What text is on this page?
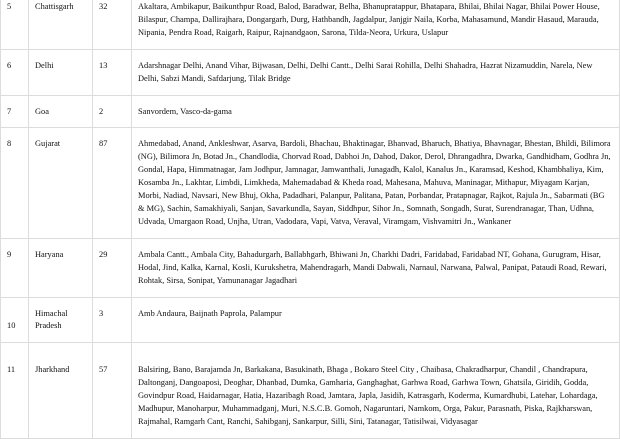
5	Chattisgarh	32	Akaltara, Ambikapur, Baikunthpur Road, Balod, Baradwar, Belha, Bhanupratappur, Bhatapara, Bhilai, Bhilai Nagar, Bhilai Power House, Bilaspur, Champa, Dallirajhara, Dongargarh, Durg, Hathbandh, Jagdalpur, Janjgir Naila, Korba, Mahasamund, Mandir Hasaud, Marauda, Nipania, Pendra Road, Raigarh, Raipur, Rajnandgaon, Sarona, Tilda-Neora, Urkura, Uslapur
6	Delhi	13	Adarshnagar Delhi, Anand Vihar, Bijwasan, Delhi, Delhi Cantt., Delhi Sarai Rohilla, Delhi Shahadra, Hazrat Nizamuddin, Narela, New Delhi, Sabzi Mandi, Safdarjung, Tilak Bridge
7	Goa	2	Sanvordem, Vasco-da-gama
8	Gujarat	87	Ahmedabad, Anand, Ankleshwar, Asarva, Bardoli, Bhachau, Bhaktinagar, Bhanvad, Bharuch, Bhatiya, Bhavnagar, Bhestan, Bhildi, Bilimora (NG), Bilimora Jn, Botad Jn., Chandlodia, Chorvad Road, Dabhoi Jn, Dahod, Dakor, Derol, Dhrangadhra, Dwarka, Gandhidham, Godhra Jn, Gondal, Hapa, Himmatnagar, Jam Jodhpur, Jamnagar, Jamwanthali, Junagadh, Kalol, Kanalus Jn., Karamsad, Keshod, Khambhaliya, Kim, Kosamba Jn., Lakhtar, Limbdi, Limkheda, Mahemadabad & Kheda road, Mahesana, Mahuva, Maninagar, Mithapur, Miyagam Karjan, Morbi, Nadiad, Navsari, New Bhuj, Okha, Padadhari, Palanpur, Palitana, Patan, Porbandar, Pratapnagar, Rajkot, Rajula Jn., Sabarmati (BG & MG), Sachin, Samakhiyali, Sanjan, Savarkundla, Sayan, Siddhpur, Sihor Jn., Somnath, Songadh, Surat, Surendranagar, Than, Udhna, Udvada, Umargaon Road, Unjha, Utran, Vadodara, Vapi, Vatva, Veraval, Viramgam, Vishvamitri Jn., Wankaner
9	Haryana	29	Ambala Cantt., Ambala City, Bahadurgarh, Ballabhgarh, Bhiwani Jn, Charkhi Dadri, Faridabad, Faridabad NT, Gohana, Gurugram, Hisar, Hodal, Jind, Kalka, Karnal, Kosli, Kurukshetra, Mahendragarh, Mandi Dabwali, Narnaul, Narwana, Palwal, Panipat, Pataudi Road, Rewari, Rohtak, Sirsa, Sonipat, Yamunanagar Jagadhari
10	Himachal Pradesh	3	Amb Andaura, Baijnath Paprola, Palampur
11	Jharkhand	57	Balsiring, Bano, Barajamda Jn, Barkakana, Basukinath, Bhaga , Bokaro Steel City , Chaibasa, Chakradharpur, Chandil , Chandrapura, Daltonganj, Dangoaposi, Deoghar, Dhanbad, Dumka, Gamharia, Ganghaghat, Garhwa Road, Garhwa Town, Ghatsila, Giridih, Godda, Govindpur Road, Haidarnagar, Hatia, Hazaribagh Road, Jamtara, Japla, Jasidih, Katrasgarh, Koderma, Kumardhubi, Latehar, Lohardaga, Madhupur, Manoharpur, Muhammadganj, Muri, N.S.C.B. Gomoh, Nagaruntari, Namkom, Orga, Pakur, Parasnath, Piska, Rajkharswan, Rajmahal, Ramgarh Cant, Ranchi, Sahibganj, Sankarpur, Silli, Sini, Tatanagar, Tatisilwai, Vidyasagar
